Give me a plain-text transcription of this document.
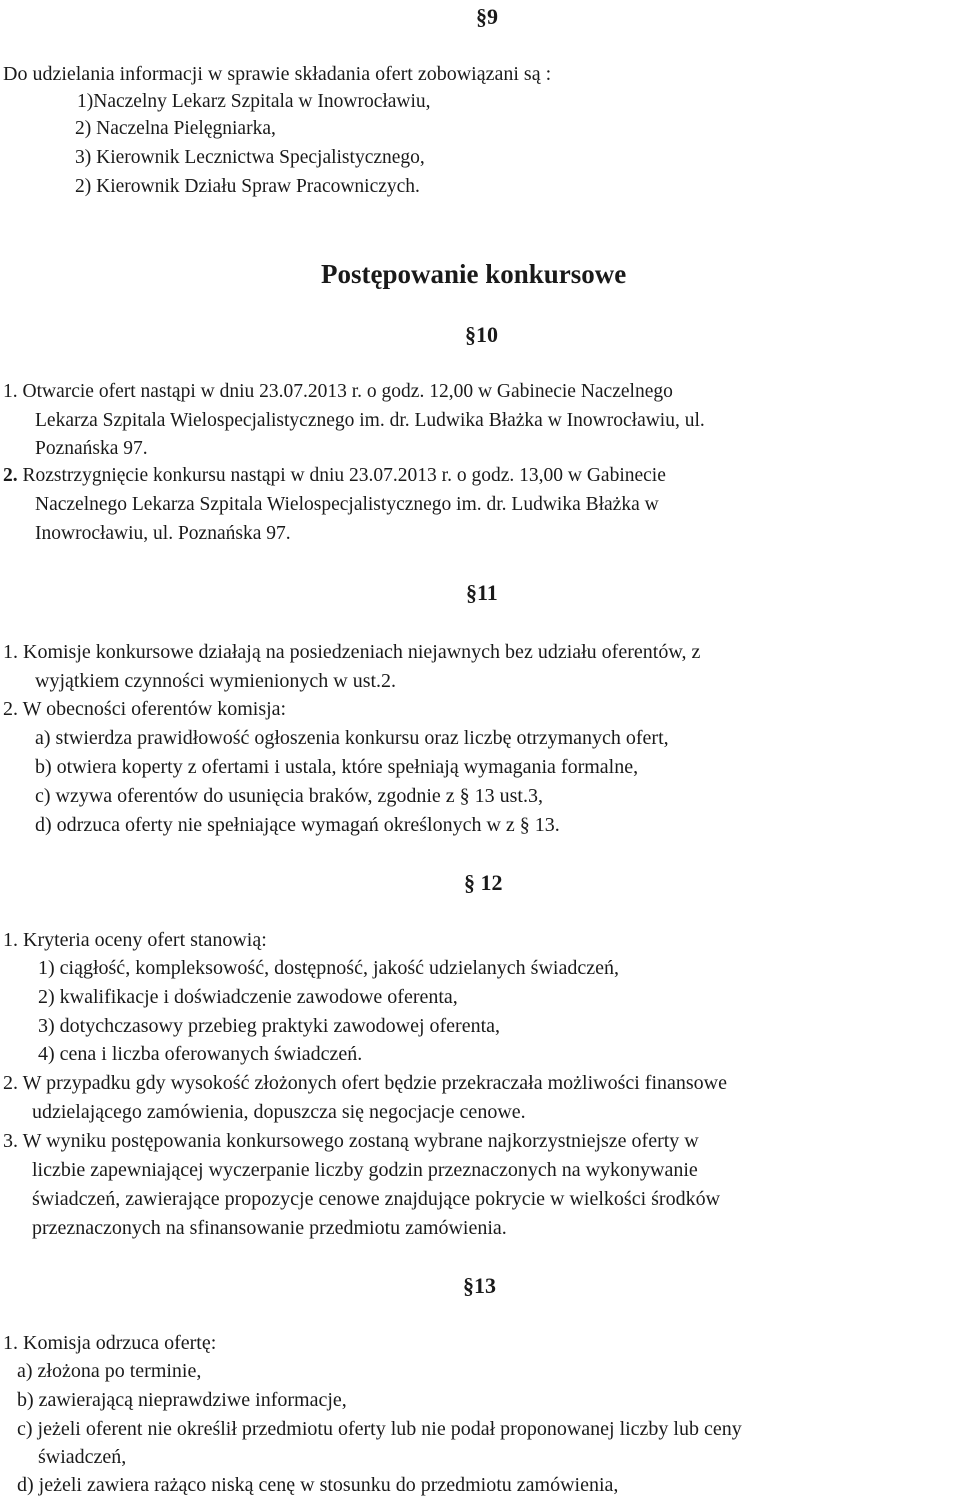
§9
Do udzielania informacji w sprawie składania ofert zobowiązani są :
1)Naczelny Lekarz Szpitala w Inowrocławiu,
2) Naczelna Pielęgniarka,
3) Kierownik Lecznictwa Specjalistycznego,
2) Kierownik Działu Spraw Pracowniczych.
Postępowanie konkursowe
§10
1. Otwarcie ofert nastąpi w dniu 23.07.2013 r. o godz. 12,00 w Gabinecie Naczelnego
Lekarza Szpitala Wielospecjalistycznego im. dr. Ludwika Błażka w Inowrocławiu, ul.
Poznańska 97.
2. Rozstrzygnięcie konkursu nastąpi w dniu 23.07.2013 r. o godz. 13,00 w Gabinecie
Naczelnego Lekarza Szpitala Wielospecjalistycznego im. dr. Ludwika Błażka w
Inowrocławiu, ul. Poznańska 97.
§11
1. Komisje konkursowe działają na posiedzeniach niejawnych bez udziału oferentów, z
wyjątkiem czynności wymienionych w ust.2.
2. W obecności oferentów komisja:
a) stwierdza prawidłowość ogłoszenia konkursu oraz liczbę otrzymanych ofert,
b) otwiera koperty z ofertami i ustala, które spełniają wymagania formalne,
c) wzywa oferentów do usunięcia braków, zgodnie z § 13 ust.3,
d) odrzuca oferty nie spełniające wymagań określonych w z § 13.
§ 12
1. Kryteria oceny ofert stanowią:
1) ciągłość, kompleksowość, dostępność, jakość udzielanych świadczeń,
2) kwalifikacje i doświadczenie zawodowe oferenta,
3) dotychczasowy przebieg praktyki zawodowej oferenta,
4) cena i liczba oferowanych świadczeń.
2. W przypadku gdy wysokość złożonych ofert będzie przekraczała możliwości finansowe
udzielającego zamówienia, dopuszcza się negocjacje cenowe.
3. W wyniku postępowania konkursowego zostaną wybrane najkorzystniejsze oferty w
liczbie zapewniającej wyczerpanie liczby godzin przeznaczonych na wykonywanie
świadczeń, zawierające propozycje cenowe znajdujące pokrycie w wielkości środków
przeznaczonych na sfinansowanie przedmiotu zamówienia.
§13
1. Komisja odrzuca ofertę:
a) złożona po terminie,
b) zawierającą nieprawdziwe informacje,
c) jeżeli oferent nie określił przedmiotu oferty lub nie podał proponowanej liczby lub ceny
świadczeń,
d) jeżeli zawiera rażąco niską cenę w stosunku do przedmiotu zamówienia,
